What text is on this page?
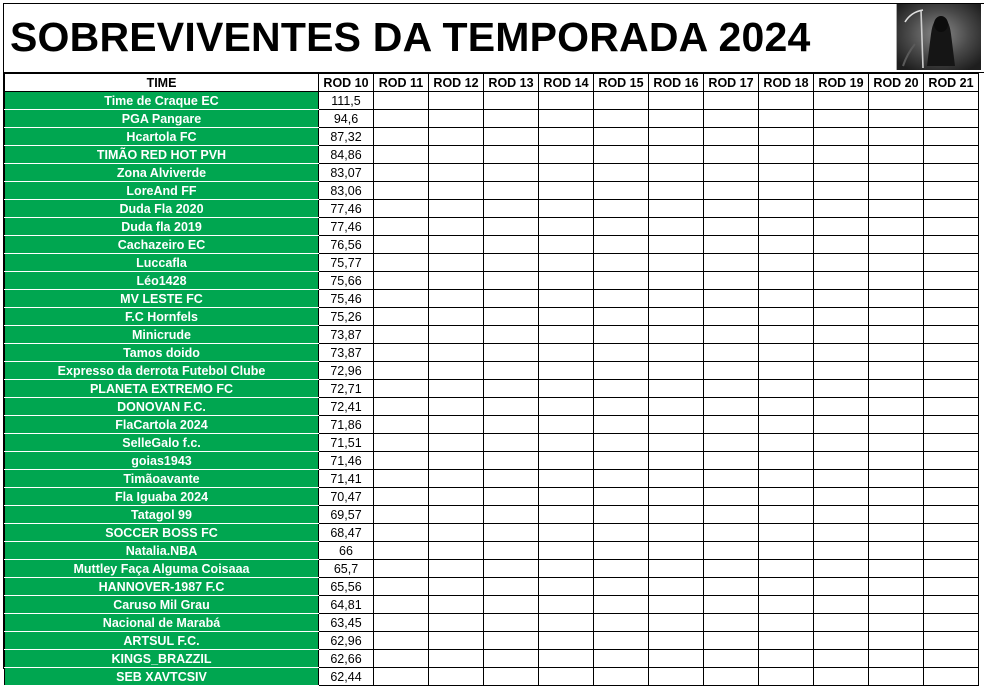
SOBREVIVENTES DA TEMPORADA 2024
TIME	ROD 10	ROD 11	ROD 12	ROD 13	ROD 14	ROD 15	ROD 16	ROD 17	ROD 18	ROD 19	ROD 20	ROD 21
Time de Craque EC	111,5											
PGA Pangare	94,6											
Hcartola FC	87,32											
TIMÃO RED HOT PVH	84,86											
Zona Alviverde	83,07											
LoreAnd FF	83,06											
Duda Fla 2020	77,46											
Duda fla 2019	77,46											
Cachazeiro EC	76,56											
Luccafla	75,77											
Léo1428	75,66											
MV LESTE FC	75,46											
F.C Hornfels	75,26											
Minicrude	73,87											
Tamos doido	73,87											
Expresso da derrota Futebol Clube	72,96											
PLANETA EXTREMO FC	72,71											
DONOVAN F.C.	72,41											
FlaCartola 2024	71,86											
SelleGalo f.c.	71,51											
goias1943	71,46											
Timãoavante	71,41											
Fla Iguaba 2024	70,47											
Tatagol 99	69,57											
SOCCER BOSS FC	68,47											
Natalia.NBA	66											
Muttley Faça Alguma Coisaaa	65,7											
HANNOVER-1987 F.C	65,56											
Caruso Mil Grau	64,81											
Nacional de Marabá	63,45											
ARTSUL F.C.	62,96											
KINGS_BRAZZIL	62,66											
SEB XAVTCSIV	62,44											
